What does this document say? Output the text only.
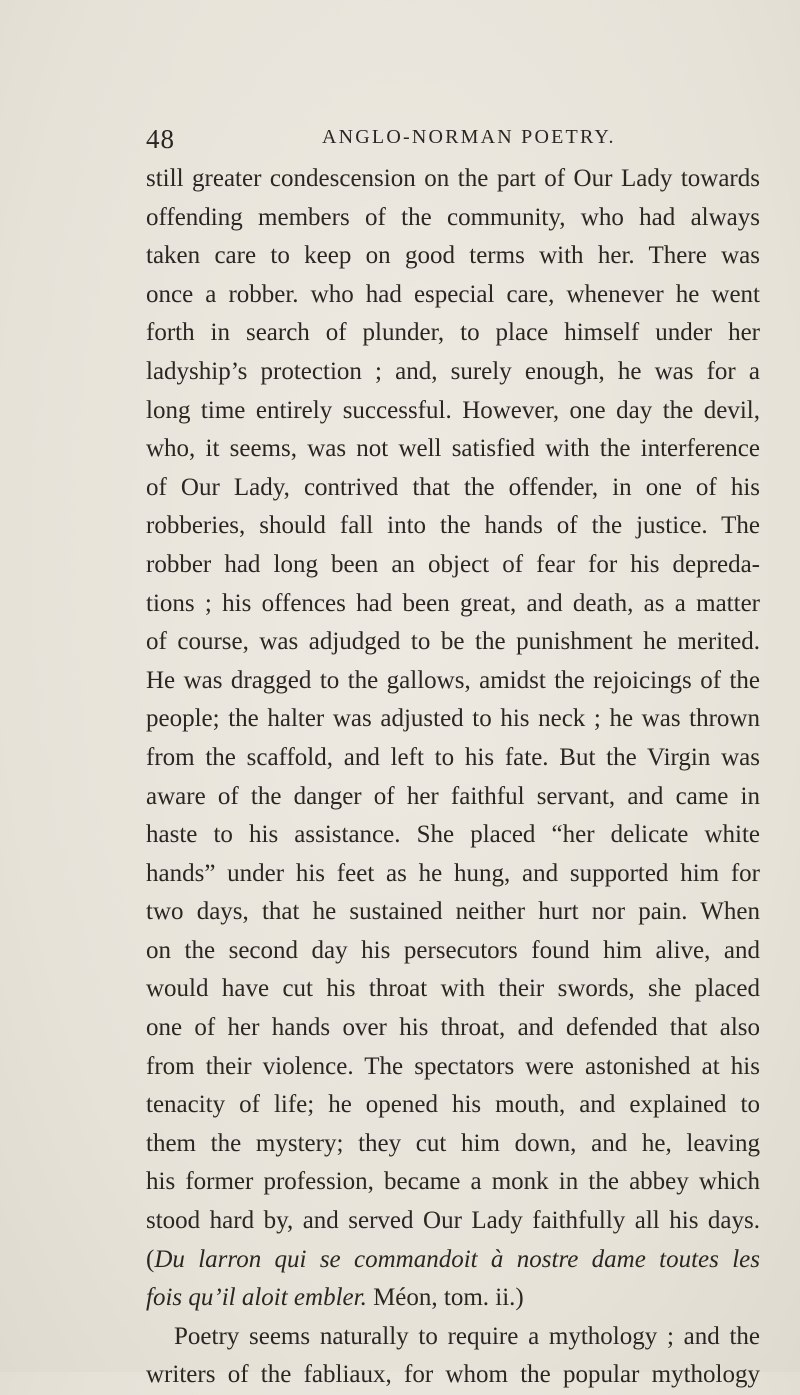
48	ANGLO-NORMAN POETRY.
still greater condescension on the part of Our Lady towards
offending members of the community, who had always
taken care to keep on good terms with her. There was
once a robber. who had especial care, whenever he went
forth in search of plunder, to place himself under her
ladyship’s protection ; and, surely enough, he was for a
long time entirely successful. However, one day the devil,
who, it seems, was not well satisfied with the interference
of Our Lady, contrived that the offender, in one of his
robberies, should fall into the hands of the justice. The
robber had long been an object of fear for his depreda-
tions ; his offences had been great, and death, as a matter
of course, was adjudged to be the punishment he merited.
He was dragged to the gallows, amidst the rejoicings of the
people; the halter was adjusted to his neck ; he was thrown
from the scaffold, and left to his fate. But the Virgin was
aware of the danger of her faithful servant, and came in
haste to his assistance. She placed “her delicate white
hands” under his feet as he hung, and supported him for
two days, that he sustained neither hurt nor pain. When
on the second day his persecutors found him alive, and
would have cut his throat with their swords, she placed
one of her hands over his throat, and defended that also
from their violence. The spectators were astonished at his
tenacity of life; he opened his mouth, and explained to
them the mystery; they cut him down, and he, leaving
his former profession, became a monk in the abbey which
stood hard by, and served Our Lady faithfully all his days.
(Du larron qui se commandoit à nostre dame toutes les
fois qu’il aloit embler. Méon, tom. ii.)
Poetry seems naturally to require a mythology ; and the
writers of the fabliaux, for whom the popular mythology
